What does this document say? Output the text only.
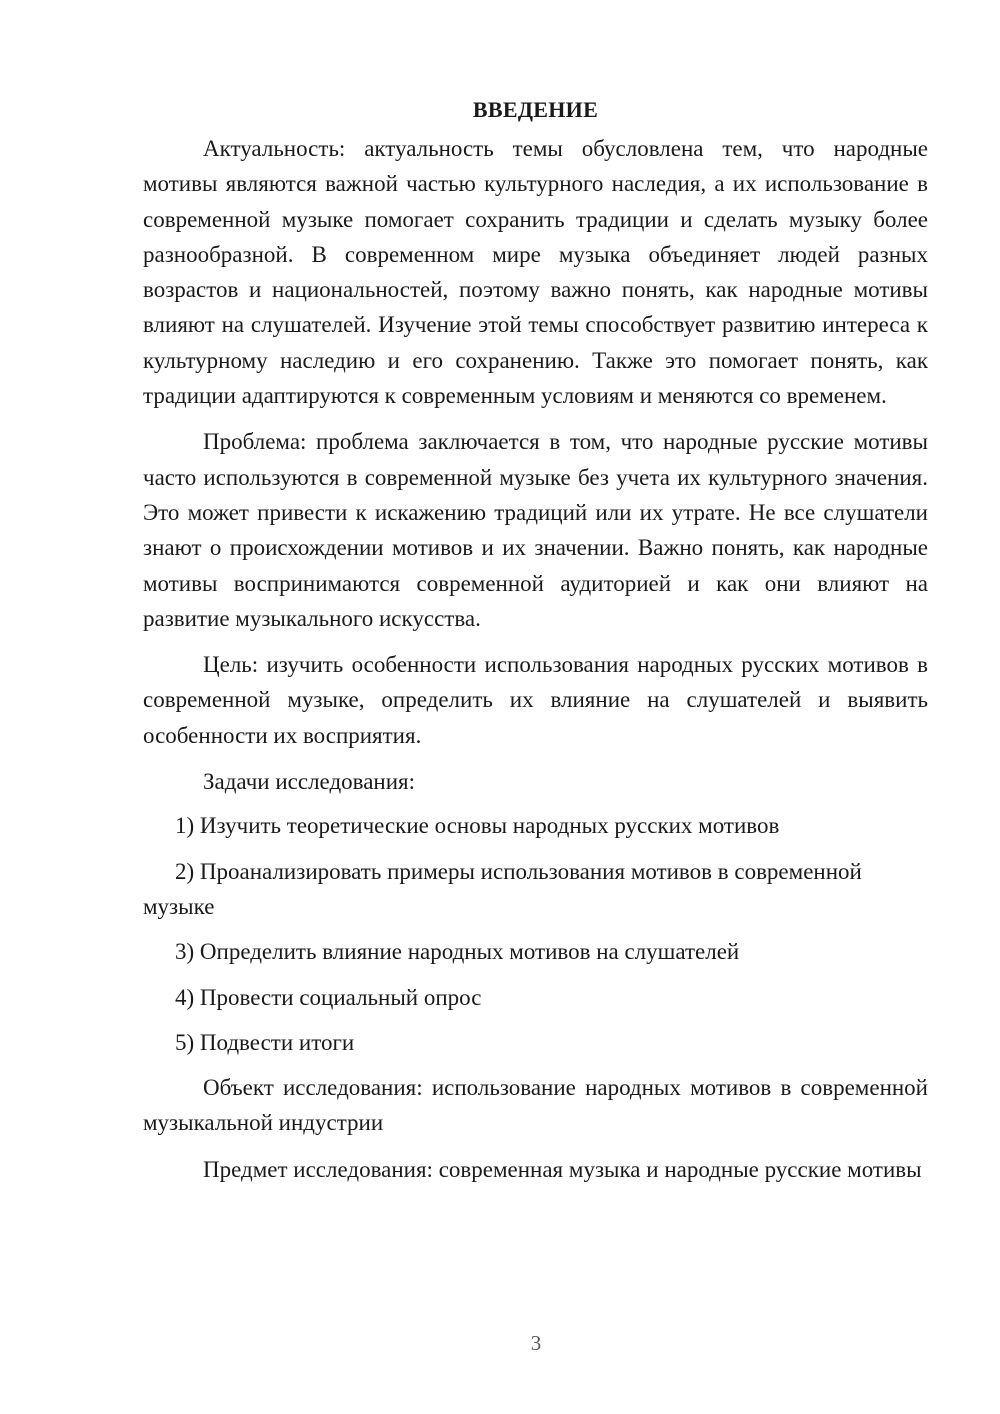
ВВЕДЕНИЕ

Актуальность: актуальность темы обусловлена тем, что народные мотивы являются важной частью культурного наследия, а их использование в современной музыке помогает сохранить традиции и сделать музыку более разнообразной. В современном мире музыка объединяет людей разных возрастов и национальностей, поэтому важно понять, как народные мотивы влияют на слушателей. Изучение этой темы способствует развитию интереса к культурному наследию и его сохранению. Также это помогает понять, как традиции адаптируются к современным условиям и меняются со временем.

Проблема: проблема заключается в том, что народные русские мотивы часто используются в современной музыке без учета их культурного значения. Это может привести к искажению традиций или их утрате. Не все слушатели знают о происхождении мотивов и их значении. Важно понять, как народные мотивы воспринимаются современной аудиторией и как они влияют на развитие музыкального искусства.

Цель: изучить особенности использования народных русских мотивов в современной музыке, определить их влияние на слушателей и выявить особенности их восприятия.

Задачи исследования:

1) Изучить теоретические основы народных русских мотивов

2) Проанализировать примеры использования мотивов в современной музыке

3) Определить влияние народных мотивов на слушателей

4) Провести социальный опрос

5) Подвести итоги

Объект исследования: использование народных мотивов в современной музыкальной индустрии

Предмет исследования: современная музыка и народные русские мотивы

3
